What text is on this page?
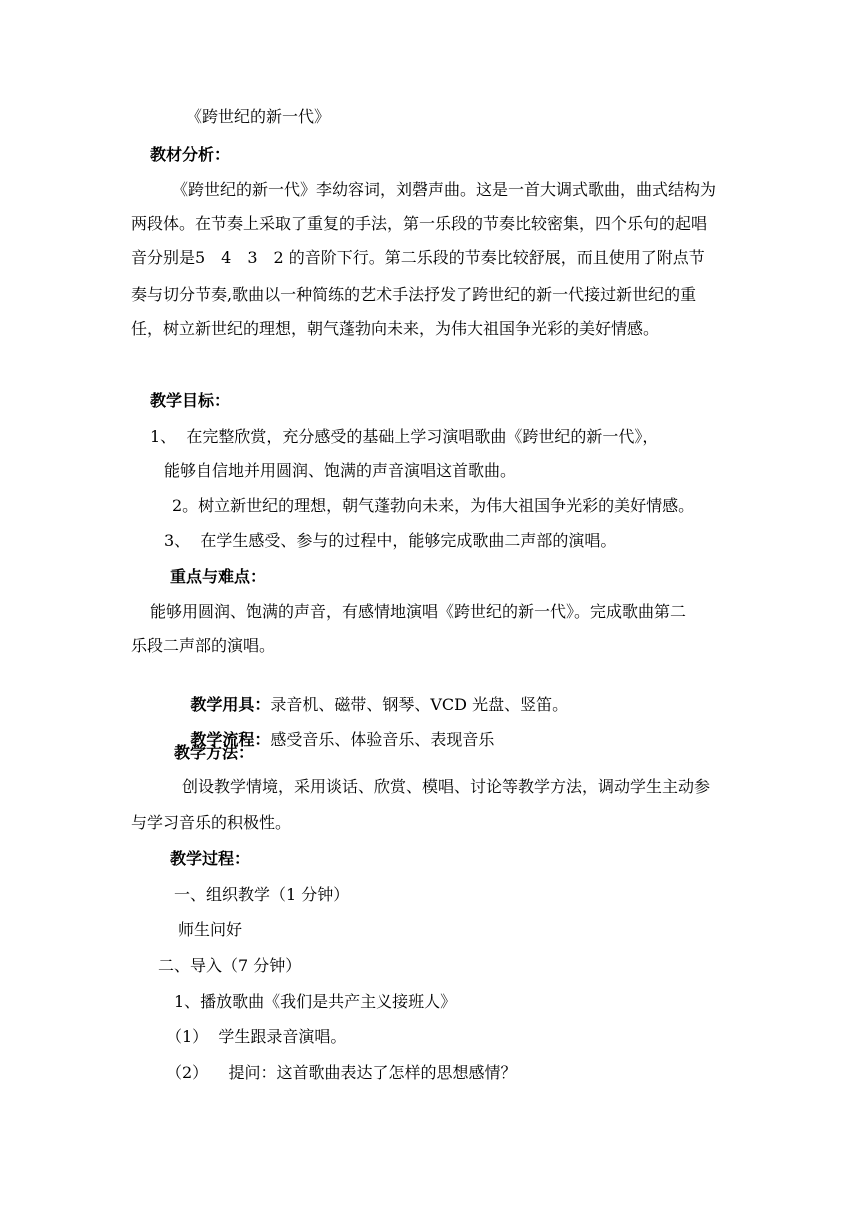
《跨世纪的新一代》
教材分析：
《跨世纪的新一代》李幼容词，刘磬声曲。这是一首大调式歌曲，曲式结构为
两段体。在节奏上采取了重复的手法，第一乐段的节奏比较密集，四个乐句的起唱
音分别是5　4　3　2 的音阶下行。第二乐段的节奏比较舒展，而且使用了附点节
奏与切分节奏,歌曲以一种简练的艺术手法抒发了跨世纪的新一代接过新世纪的重
任，树立新世纪的理想，朝气蓬勃向未来，为伟大祖国争光彩的美好情感。
教学目标：
1、  在完整欣赏，充分感受的基础上学习演唱歌曲《跨世纪的新一代》，
能够自信地并用圆润、饱满的声音演唱这首歌曲。
2。树立新世纪的理想，朝气蓬勃向未来，为伟大祖国争光彩的美好情感。
3、  在学生感受、参与的过程中，能够完成歌曲二声部的演唱。
重点与难点：
能够用圆润、饱满的声音，有感情地演唱《跨世纪的新一代》。完成歌曲第二
乐段二声部的演唱。

教学用具：录音机、磁带、钢琴、VCD 光盘、竖笛。

教学流程：感受音乐、体验音乐、表现音乐

教学方法：
创设教学情境，采用谈话、欣赏、模唱、讨论等教学方法，调动学生主动参
与学习音乐的积极性。
教学过程：
一、组织教学（1 分钟）
师生问好
二、导入（7 分钟）
1、播放歌曲《我们是共产主义接班人》
（1）  学生跟录音演唱。
（2）    提问：这首歌曲表达了怎样的思想感情？
